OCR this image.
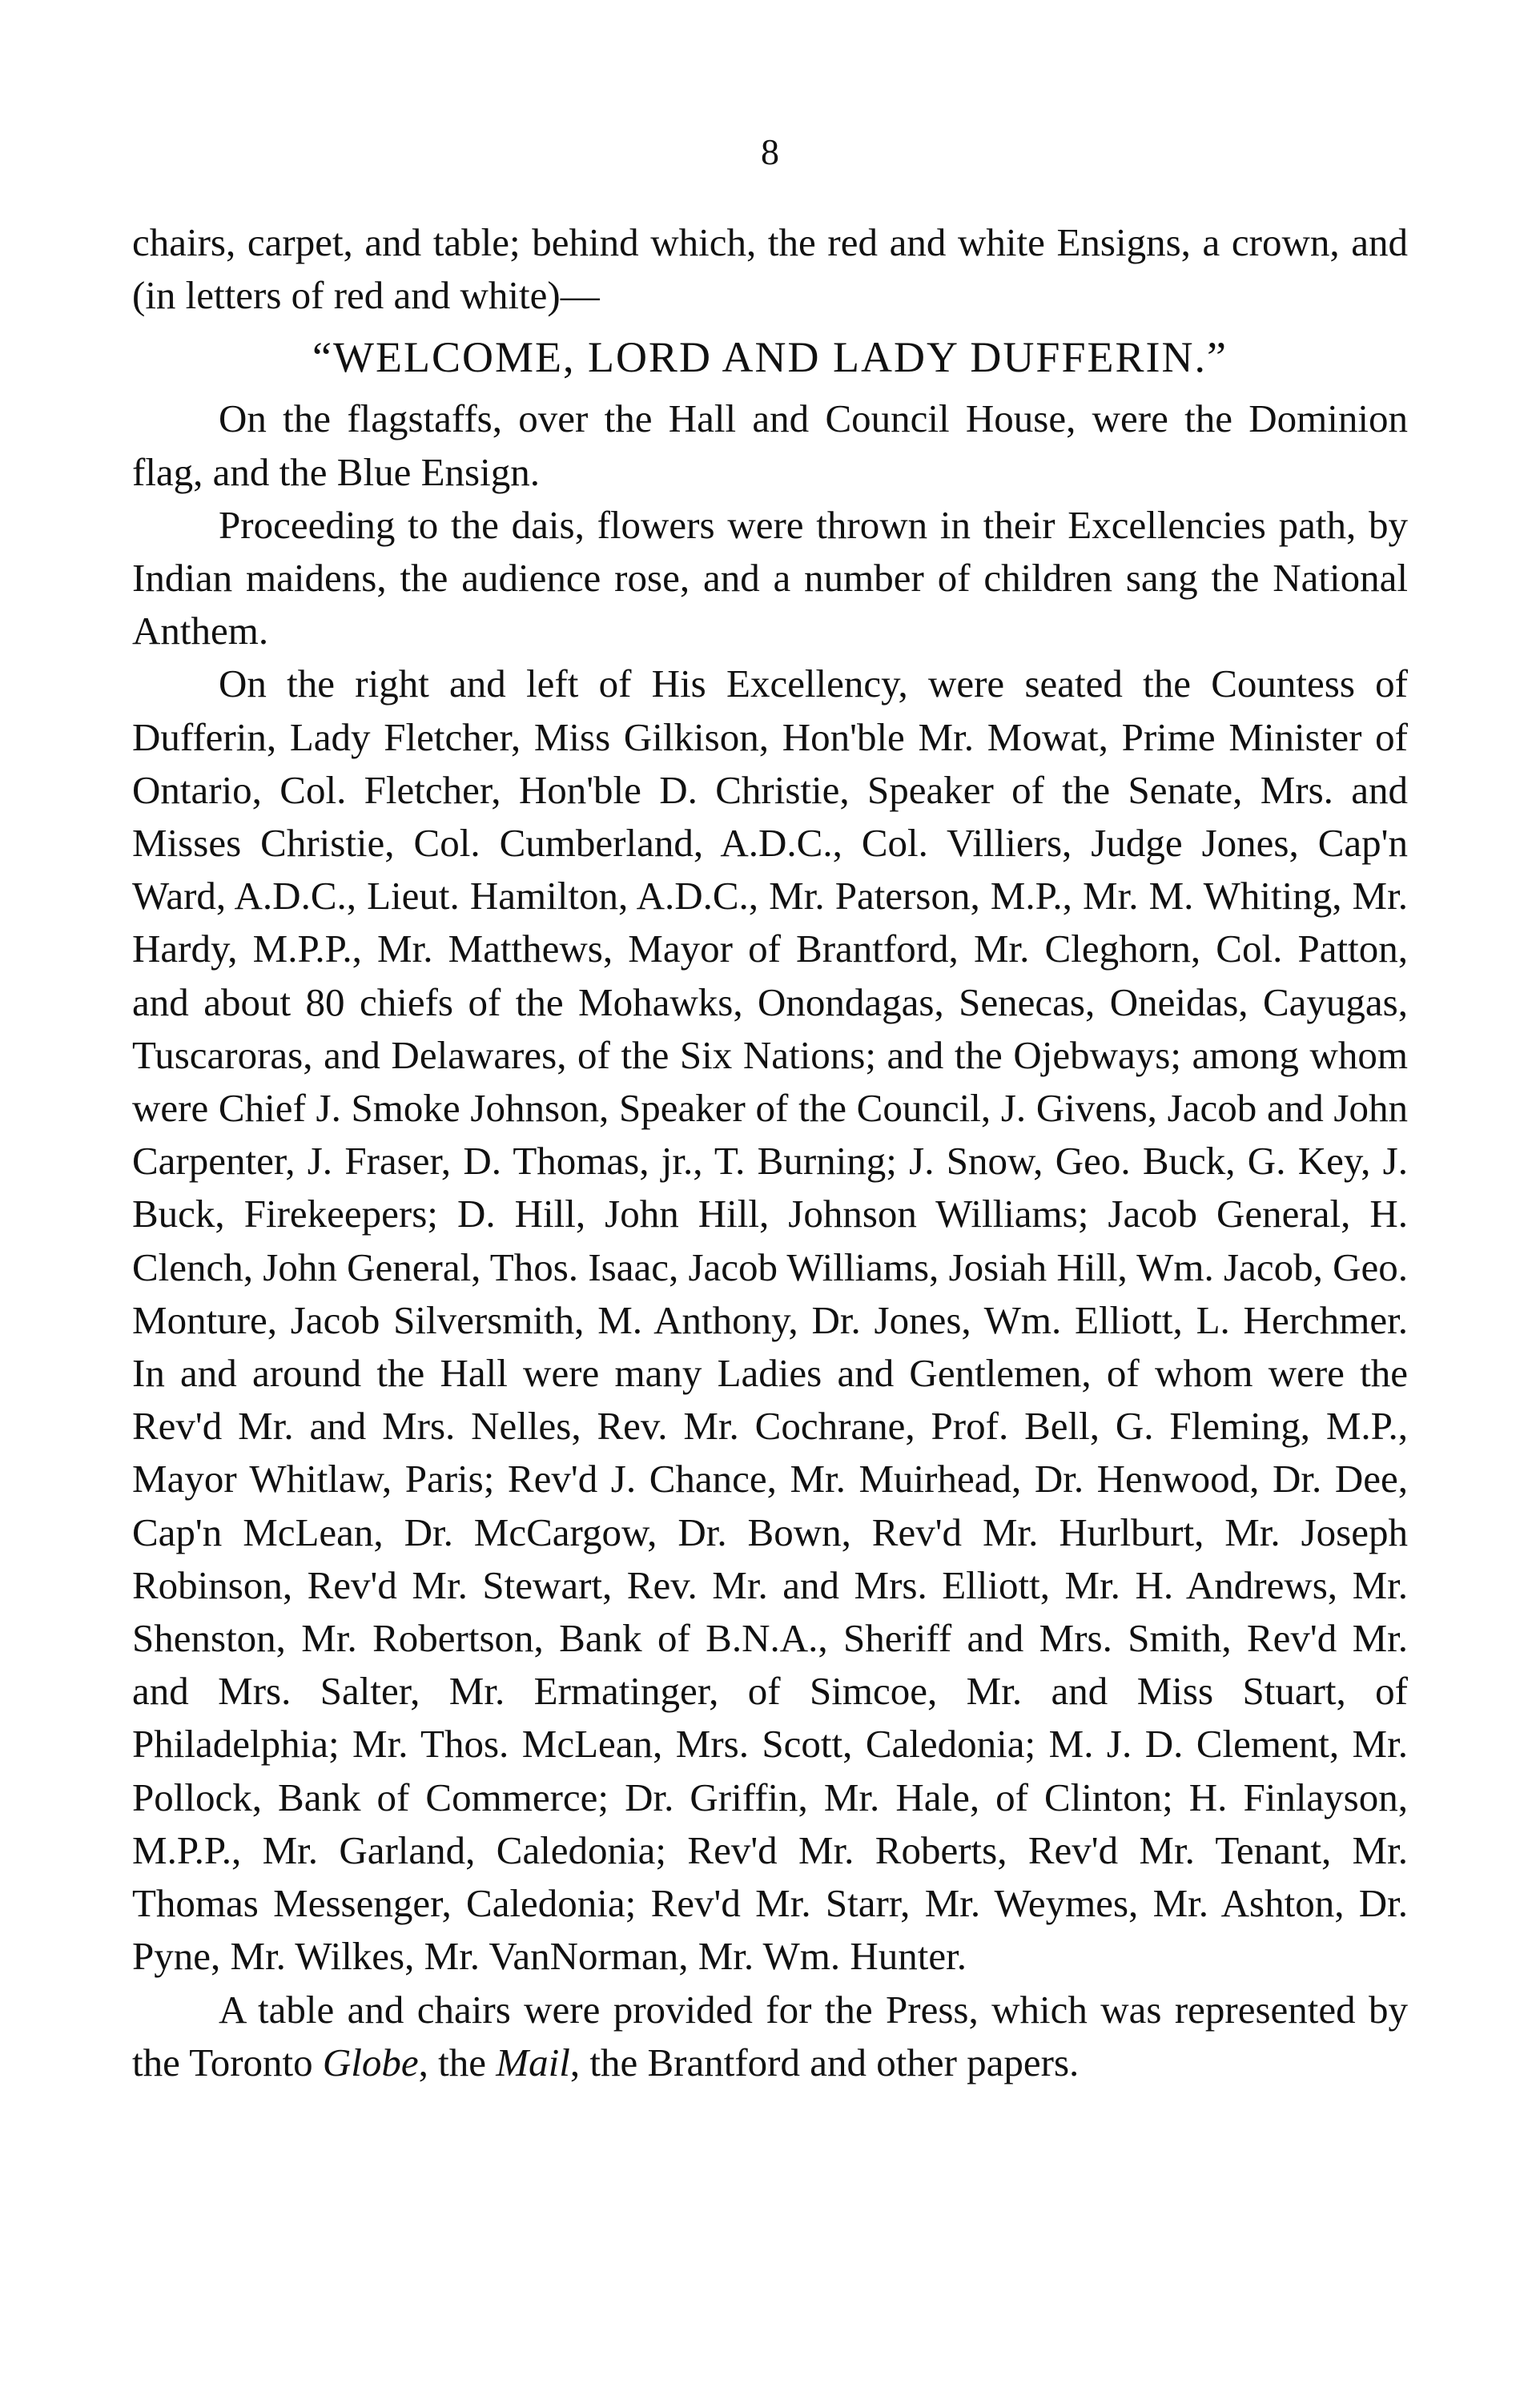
8

chairs, carpet, and table; behind which, the red and white Ensigns, a crown, and (in letters of red and white)—

“WELCOME, LORD AND LADY DUFFERIN.”

On the flagstaffs, over the Hall and Council House, were the Dominion flag, and the Blue Ensign.

Proceeding to the dais, flowers were thrown in their Excellencies path, by Indian maidens, the audience rose, and a number of children sang the National Anthem.

On the right and left of His Excellency, were seated the Countess of Dufferin, Lady Fletcher, Miss Gilkison, Hon'ble Mr. Mowat, Prime Minister of Ontario, Col. Fletcher, Hon'ble D. Christie, Speaker of the Senate, Mrs. and Misses Christie, Col. Cumberland, A.D.C., Col. Villiers, Judge Jones, Cap'n Ward, A.D.C., Lieut. Hamilton, A.D.C., Mr. Paterson, M.P., Mr. M. Whiting, Mr. Hardy, M.P.P., Mr. Matthews, Mayor of Brantford, Mr. Cleghorn, Col. Patton, and about 80 chiefs of the Mohawks, Onondagas, Senecas, Oneidas, Cayugas, Tuscaroras, and Delawares, of the Six Nations; and the Ojebways; among whom were Chief J. Smoke Johnson, Speaker of the Council, J. Givens, Jacob and John Carpenter, J. Fraser, D. Thomas, jr., T. Burning; J. Snow, Geo. Buck, G. Key, J. Buck, Firekeepers; D. Hill, John Hill, Johnson Williams; Jacob General, H. Clench, John General, Thos. Isaac, Jacob Williams, Josiah Hill, Wm. Jacob, Geo. Monture, Jacob Silversmith, M. Anthony, Dr. Jones, Wm. Elliott, L. Herchmer. In and around the Hall were many Ladies and Gentlemen, of whom were the Rev'd Mr. and Mrs. Nelles, Rev. Mr. Cochrane, Prof. Bell, G. Fleming, M.P., Mayor Whitlaw, Paris; Rev'd J. Chance, Mr. Muirhead, Dr. Henwood, Dr. Dee, Cap'n McLean, Dr. McCargow, Dr. Bown, Rev'd Mr. Hurlburt, Mr. Joseph Robinson, Rev'd Mr. Stewart, Rev. Mr. and Mrs. Elliott, Mr. H. Andrews, Mr. Shenston, Mr. Robertson, Bank of B.N.A., Sheriff and Mrs. Smith, Rev'd Mr. and Mrs. Salter, Mr. Ermatinger, of Simcoe, Mr. and Miss Stuart, of Philadelphia; Mr. Thos. McLean, Mrs. Scott, Caledonia; M. J. D. Clement, Mr. Pollock, Bank of Commerce; Dr. Griffin, Mr. Hale, of Clinton; H. Finlayson, M.P.P., Mr. Garland, Caledonia; Rev'd Mr. Roberts, Rev'd Mr. Tenant, Mr. Thomas Messenger, Caledonia; Rev'd Mr. Starr, Mr. Weymes, Mr. Ashton, Dr. Pyne, Mr. Wilkes, Mr. VanNorman, Mr. Wm. Hunter.

A table and chairs were provided for the Press, which was represented by the Toronto Globe, the Mail, the Brantford and other papers.
